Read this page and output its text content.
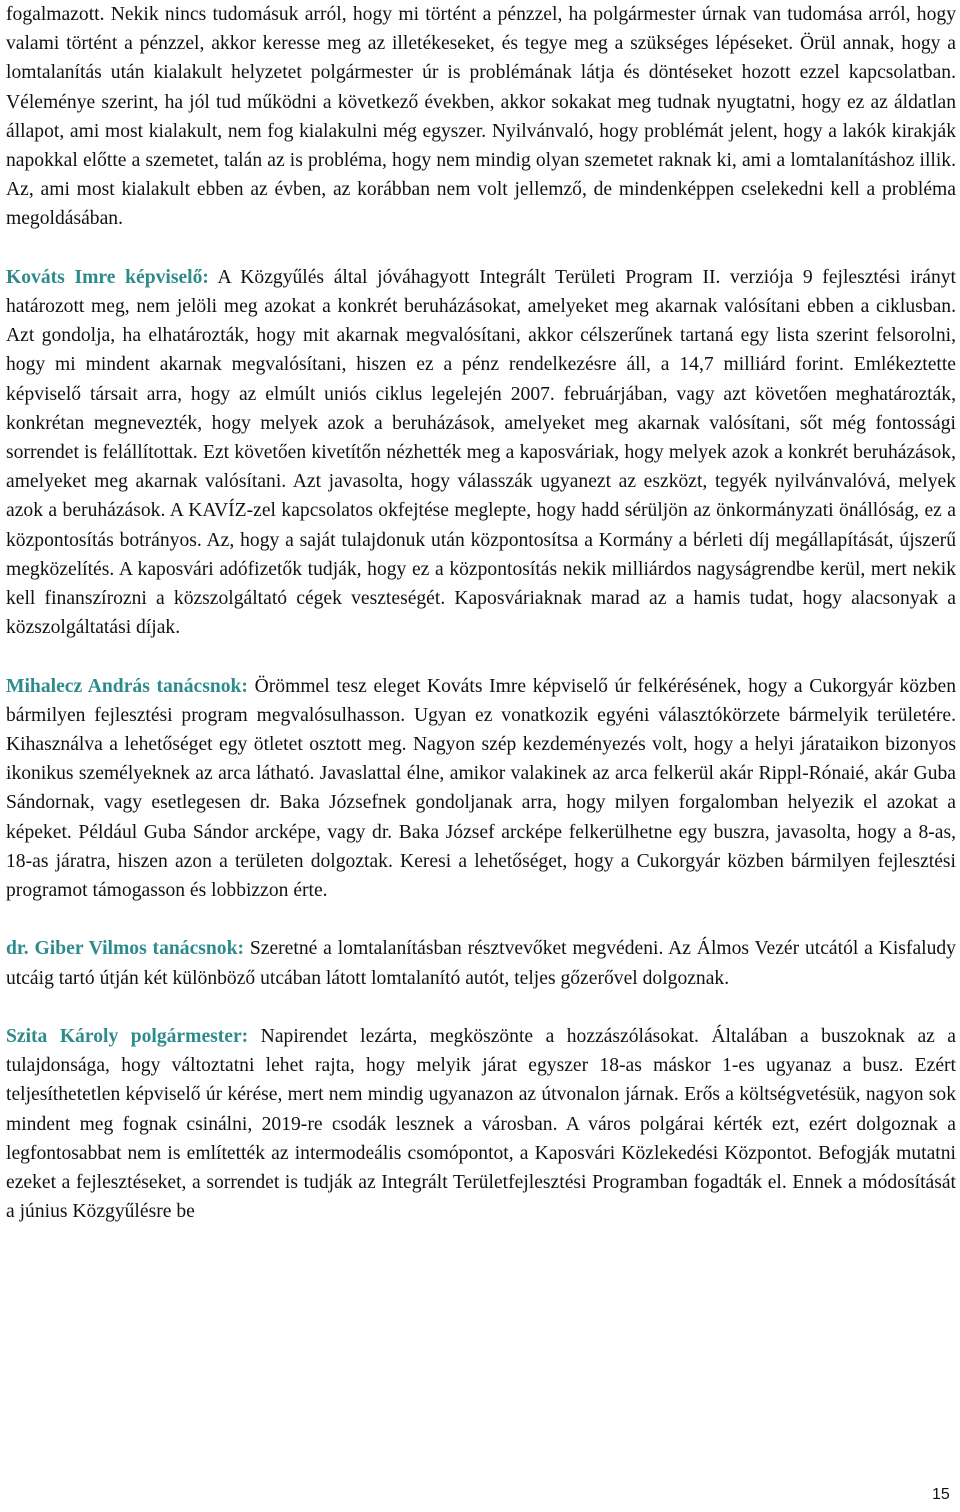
fogalmazott. Nekik nincs tudomásuk arról, hogy mi történt a pénzzel, ha polgármester úrnak van tudomása arról, hogy valami történt a pénzzel, akkor keresse meg az illetékeseket, és tegye meg a szükséges lépéseket. Örül annak, hogy a lomtalanítás után kialakult helyzetet polgármester úr is problémának látja és döntéseket hozott ezzel kapcsolatban. Véleménye szerint, ha jól tud működni a következő években, akkor sokakat meg tudnak nyugtatni, hogy ez az áldatlan állapot, ami most kialakult, nem fog kialakulni még egyszer. Nyilvánvaló, hogy problémát jelent, hogy a lakók kirakják napokkal előtte a szemetet, talán az is probléma, hogy nem mindig olyan szemetet raknak ki, ami a lomtalanításhoz illik. Az, ami most kialakult ebben az évben, az korábban nem volt jellemző, de mindenképpen cselekedni kell a probléma megoldásában.

Kováts Imre képviselő: A Közgyűlés által jóváhagyott Integrált Területi Program II. verziója 9 fejlesztési irányt határozott meg, nem jelöli meg azokat a konkrét beruházásokat, amelyeket meg akarnak valósítani ebben a ciklusban. Azt gondolja, ha elhatározták, hogy mit akarnak megvalósítani, akkor célszerűnek tartaná egy lista szerint felsorolni, hogy mi mindent akarnak megvalósítani, hiszen ez a pénz rendelkezésre áll, a 14,7 milliárd forint. Emlékeztette képviselő társait arra, hogy az elmúlt uniós ciklus legelején 2007. februárjában, vagy azt követően meghatározták, konkrétan megnevezték, hogy melyek azok a beruházások, amelyeket meg akarnak valósítani, sőt még fontossági sorrendet is felállítottak. Ezt követően kivetítőn nézhették meg a kaposváriak, hogy melyek azok a konkrét beruházások, amelyeket meg akarnak valósítani. Azt javasolta, hogy válasszák ugyanezt az eszközt, tegyék nyilvánvalóvá, melyek azok a beruházások. A KAVÍZ-zel kapcsolatos okfejtése meglepte, hogy hadd sérüljön az önkormányzati önállóság, ez a központosítás botrányos. Az, hogy a saját tulajdonuk után központosítsa a Kormány a bérleti díj megállapítását, újszerű megközelítés. A kaposvári adófizetők tudják, hogy ez a központosítás nekik milliárdos nagyságrendbe kerül, mert nekik kell finanszírozni a közszolgáltató cégek veszteségét. Kaposváriaknak marad az a hamis tudat, hogy alacsonyak a közszolgáltatási díjak.

Mihalecz András tanácsnok: Örömmel tesz eleget Kováts Imre képviselő úr felkérésének, hogy a Cukorgyár közben bármilyen fejlesztési program megvalósulhasson. Ugyan ez vonatkozik egyéni választókörzete bármelyik területére. Kihasználva a lehetőséget egy ötletet osztott meg. Nagyon szép kezdeményezés volt, hogy a helyi járataikon bizonyos ikonikus személyeknek az arca látható. Javaslattal élne, amikor valakinek az arca felkerül akár Rippl-Rónaié, akár Guba Sándornak, vagy esetlegesen dr. Baka Józsefnek gondoljanak arra, hogy milyen forgalomban helyezik el azokat a képeket. Például Guba Sándor arcképe, vagy dr. Baka József arcképe felkerülhetne egy buszra, javasolta, hogy a 8-as, 18-as járatra, hiszen azon a területen dolgoztak. Keresi a lehetőséget, hogy a Cukorgyár közben bármilyen fejlesztési programot támogasson és lobbizzon érte.

dr. Giber Vilmos tanácsnok: Szeretné a lomtalanításban résztvevőket megvédeni. Az Álmos Vezér utcától a Kisfaludy utcáig tartó útján két különböző utcában látott lomtalanító autót, teljes gőzerővel dolgoznak.

Szita Károly polgármester: Napirendet lezárta, megköszönte a hozzászólásokat. Általában a buszoknak az a tulajdonsága, hogy változtatni lehet rajta, hogy melyik járat egyszer 18-as máskor 1-es ugyanaz a busz. Ezért teljesíthetetlen képviselő úr kérése, mert nem mindig ugyanazon az útvonalon járnak. Erős a költségvetésük, nagyon sok mindent meg fognak csinálni, 2019-re csodák lesznek a városban. A város polgárai kérték ezt, ezért dolgoznak a legfontosabbat nem is említették az intermodeális csomópontot, a Kaposvári Közlekedési Központot. Befogják mutatni ezeket a fejlesztéseket, a sorrendet is tudják az Integrált Területfejlesztési Programban fogadták el. Ennek a módosítását a június Közgyűlésre be

15
